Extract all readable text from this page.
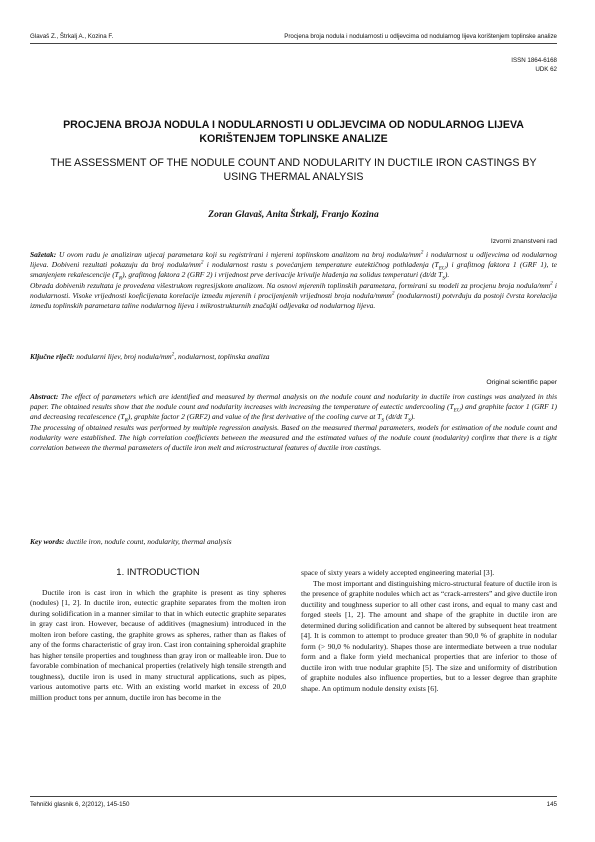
Glavaš Z., Štrkalj A., Kozina F.	Procjena broja nodula i nodularnosti u odljevcima od nodularnog lijeva korištenjem toplinske analize
ISSN 1864-6168
UDK 62
PROCJENA BROJA NODULA I NODULARNOSTI U ODLJEVCIMA OD NODULARNOG LIJEVA KORIŠTENJEM TOPLINSKE ANALIZE
THE ASSESSMENT OF THE NODULE COUNT AND NODULARITY IN DUCTILE IRON CASTINGS BY USING THERMAL ANALYSIS
Zoran Glavaš, Anita Štrkalj, Franjo Kozina
Izvorni znanstveni rad
Sažetak: U ovom radu je analiziran utjecaj parametara koji su registrirani i mjereni toplinskom analizom na broj nodula/$mm^2$ i nodularnost u odljevcima od nodularnog lijeva. Dobiveni rezultati pokazuju da broj nodula/$mm^2$ i nodularnost rastu s povećanjem temperature eutektičnog pothlađenja $(T_{EU})$ i grafitnog faktora 1 (GRF 1), te smanjenjem rekalescencije $(T_R)$, grafitnog faktora 2 (GRF 2) i vrijednost prve derivacije krivulje hlađenja na solidus temperaturi (dt/dt $T_S$).
Obrada dobivenih rezultata je provedena višestrukom regresijskom analizom. Na osnovi mjerenih toplinskih parametara, formirani su modeli za procjenu broja nodula/$mm^2$ i nodularnosti. Visoke vrijednosti koeficijenata korelacije između mjerenih i procijenjenih vrijednosti broja nodula/mmm$^2$ (nodularnosti) potvrđuju da postoji čvrsta korelacija između toplinskih parametara taline nodularnog lijeva i mikrostrukturnih značajki odljevaka od nodularnog lijeva.
Ključne riječi: nodularni lijev, broj nodula/$mm^2$, nodularnost, toplinska analiza
Original scientific paper
Abstract: The effect of parameters which are identified and measured by thermal analysis on the nodule count and nodularity in ductile iron castings was analyzed in this paper. The obtained results show that the nodule count and nodularity increases with increasing the temperature of eutectic undercooling $(T_{EU})$ and graphite factor 1 (GRF 1) and decreasing recalescence $(T_R)$, graphite factor 2 (GRF2) and value of the first derivative of the cooling curve at $T_S$ (dt/dt $T_S$).
The processing of obtained results was performed by multiple regression analysis. Based on the measured thermal parameters, models for estimation of the nodule count and nodularity were established. The high correlation coefficients between the measured and the estimated values of the nodule count (nodularity) confirm that there is a tight correlation between the thermal parameters of ductile iron melt and microstructural features of ductile iron castings.
Key words: ductile iron, nodule count, nodularity, thermal analysis
1. INTRODUCTION

Ductile iron is cast iron in which the graphite is present as tiny spheres (nodules) [1, 2]. In ductile iron, eutectic graphite separates from the molten iron during solidification in a manner similar to that in which eutectic graphite separates in gray cast iron. However, because of additives (magnesium) introduced in the molten iron before casting, the graphite grows as spheres, rather than as flakes of any of the forms characteristic of gray iron. Cast iron containing spheroidal graphite has higher tensile properties and toughness than gray iron or malleable iron. Due to favorable combination of mechanical properties (relatively high tensile strength and toughness), ductile iron is used in many structural applications, such as pipes, various automotive parts etc. With an existing world market in excess of 20,0 million product tons per annum, ductile iron has become in the

space of sixty years a widely accepted engineering material [3].

The most important and distinguishing micro-structural feature of ductile iron is the presence of graphite nodules which act as “crack-arresters” and give ductile iron ductility and toughness superior to all other cast irons, and equal to many cast and forged steels [1, 2]. The amount and shape of the graphite in ductile iron are determined during solidification and cannot be altered by subsequent heat treatment [4]. It is common to attempt to produce greater than 90,0 % of graphite in nodular form (> 90,0 % nodularity). Shapes those are intermediate between a true nodular form and a flake form yield mechanical properties that are inferior to those of ductile iron with true nodular graphite [5]. The size and uniformity of distribution of graphite nodules also influence properties, but to a lesser degree than graphite shape. An optimum nodule density exists [6].

Tehnički glasnik 6, 2(2012), 145-150	145
